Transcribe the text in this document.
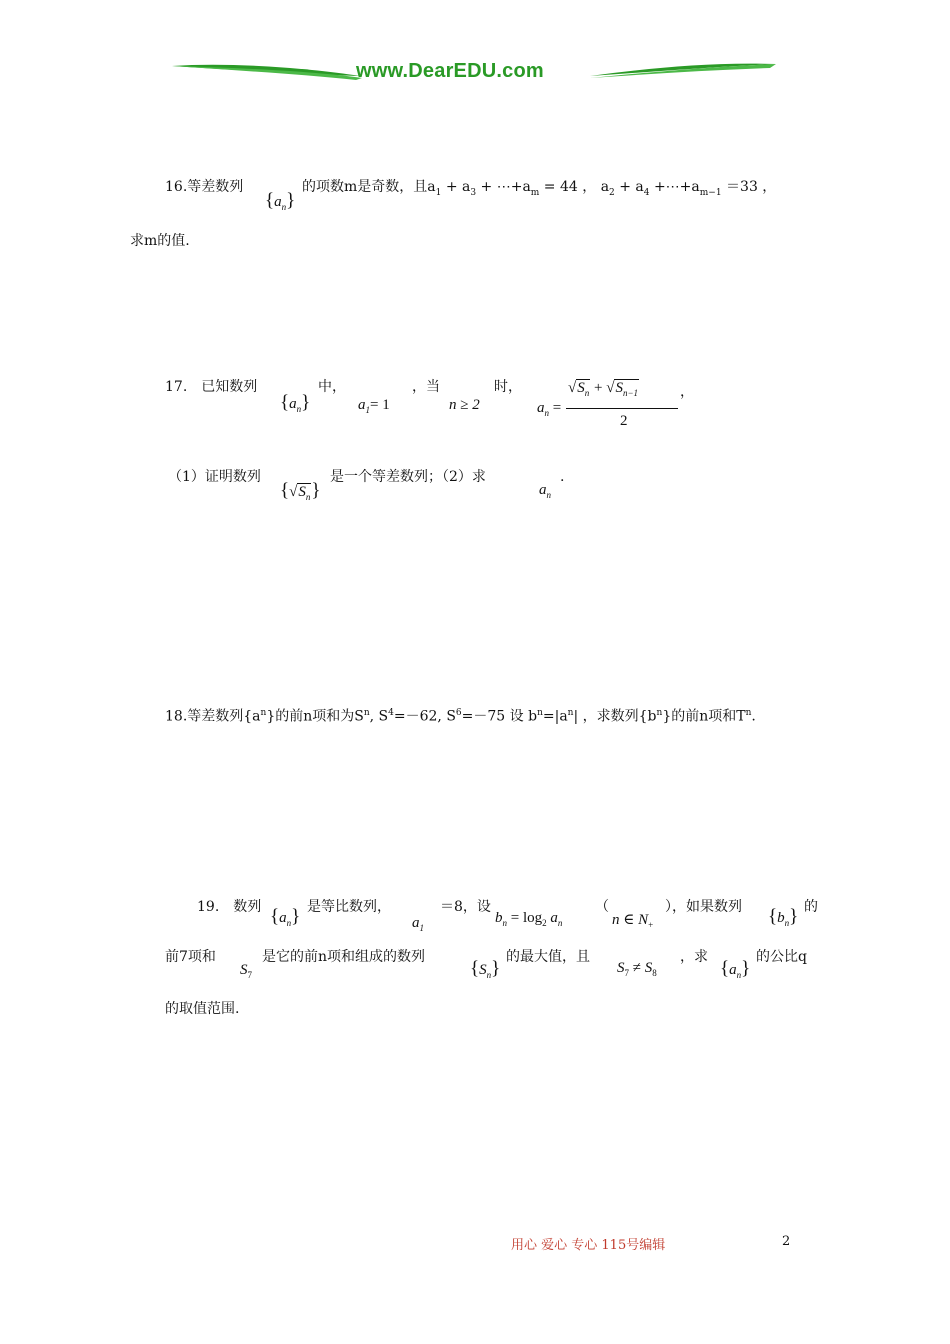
www.DearEDU.com
16.等差数列
$\{a_n\}$
的项数m是奇数，且$a_1 + a_3$ + $\cdots+a_m = 44$ ， $a_2 + a_4$ $+\cdots+a_{m-1} =33$ ，
求m的值.
17.　已知数列
$\{a_n\}$
中，
$a_1= 1$
，当
n ≥ 2
时，
$a_n$ =
$√S_n + √S_{n-1}$
2
，
（1）证明数列
$\{√S_n\}$
是一个等差数列；（2）求
$a_n$
.
18.等差数列$\{a^n\}$的前n项和为$S^n$, $S^4=-62$, $S^6=-75$ 设 $b^n=|a^n|$ ，求数列$\{b^n\}$的前n项和$T^n$.
19.　数列 $\{a_n\}$ 是等比数列，
$a_1$
＝8，设
$b_n = \log_2 a_n$
（
n ∈ $N_+$
），如果数列 $\{b_n\}$ 的
前7项和
$S_7$
是它的前n项和组成的数列
$\{S_n\}$
的最大值，且
$S_7 \ne S_8$
，求
$\{a_n\}$
的公比q
的取值范围.
用心 爱心 专心 115号编辑	2
